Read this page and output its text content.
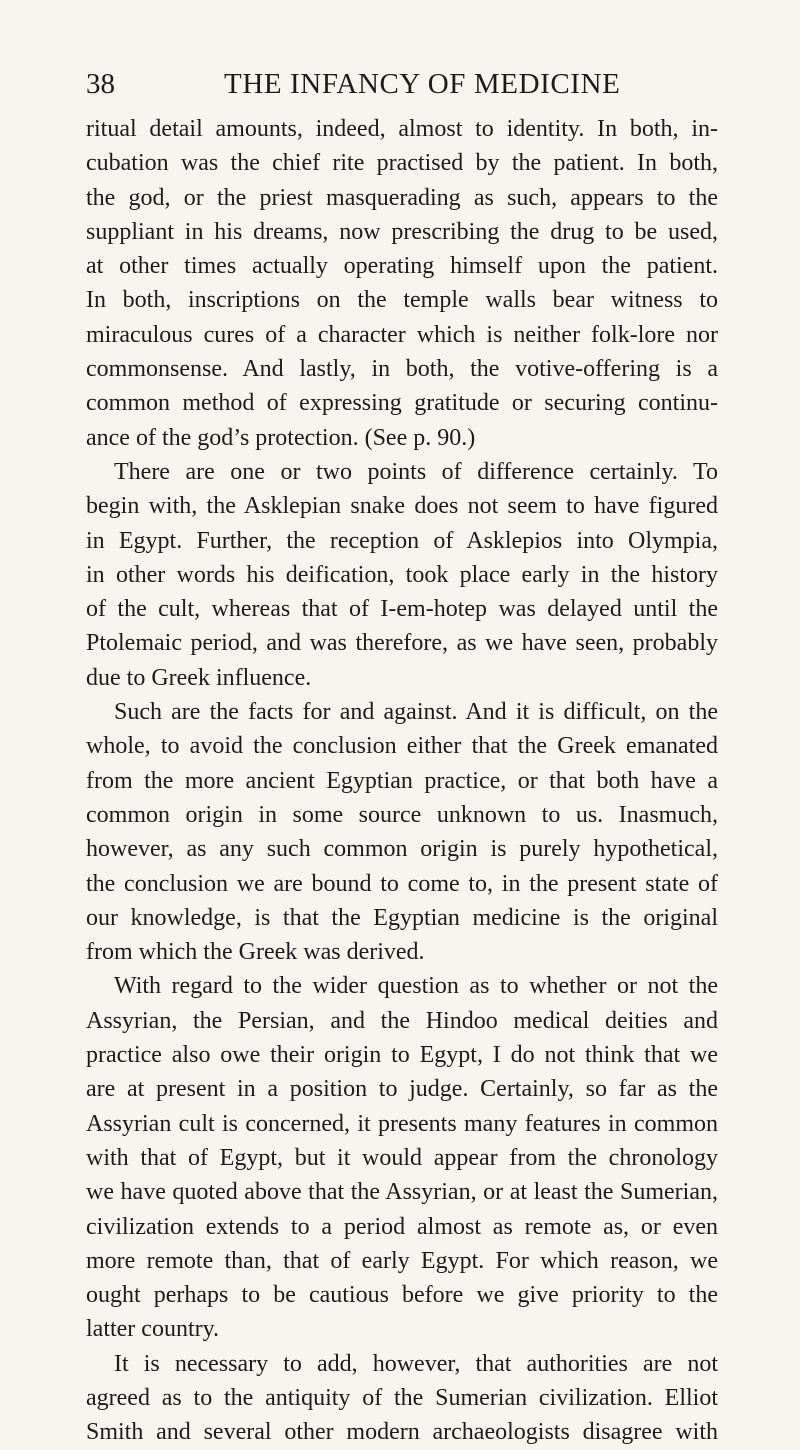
38	THE INFANCY OF MEDICINE
ritual detail amounts, indeed, almost to identity. In both, in-
cubation was the chief rite practised by the patient. In both,
the god, or the priest masquerading as such, appears to the
suppliant in his dreams, now prescribing the drug to be used,
at other times actually operating himself upon the patient.
In both, inscriptions on the temple walls bear witness to
miraculous cures of a character which is neither folk-lore nor
commonsense. And lastly, in both, the votive-offering is a
common method of expressing gratitude or securing continu-
ance of the god’s protection. (See p. 90.)
There are one or two points of difference certainly. To
begin with, the Asklepian snake does not seem to have figured
in Egypt. Further, the reception of Asklepios into Olympia,
in other words his deification, took place early in the history
of the cult, whereas that of I-em-hotep was delayed until the
Ptolemaic period, and was therefore, as we have seen, probably
due to Greek influence.
Such are the facts for and against. And it is difficult, on the
whole, to avoid the conclusion either that the Greek emanated
from the more ancient Egyptian practice, or that both have a
common origin in some source unknown to us. Inasmuch,
however, as any such common origin is purely hypothetical,
the conclusion we are bound to come to, in the present state of
our knowledge, is that the Egyptian medicine is the original
from which the Greek was derived.
With regard to the wider question as to whether or not the
Assyrian, the Persian, and the Hindoo medical deities and
practice also owe their origin to Egypt, I do not think that we
are at present in a position to judge. Certainly, so far as the
Assyrian cult is concerned, it presents many features in common
with that of Egypt, but it would appear from the chronology
we have quoted above that the Assyrian, or at least the Sumerian,
civilization extends to a period almost as remote as, or even
more remote than, that of early Egypt. For which reason, we
ought perhaps to be cautious before we give priority to the
latter country.
It is necessary to add, however, that authorities are not
agreed as to the antiquity of the Sumerian civilization. Elliot
Smith and several other modern archaeologists disagree with
